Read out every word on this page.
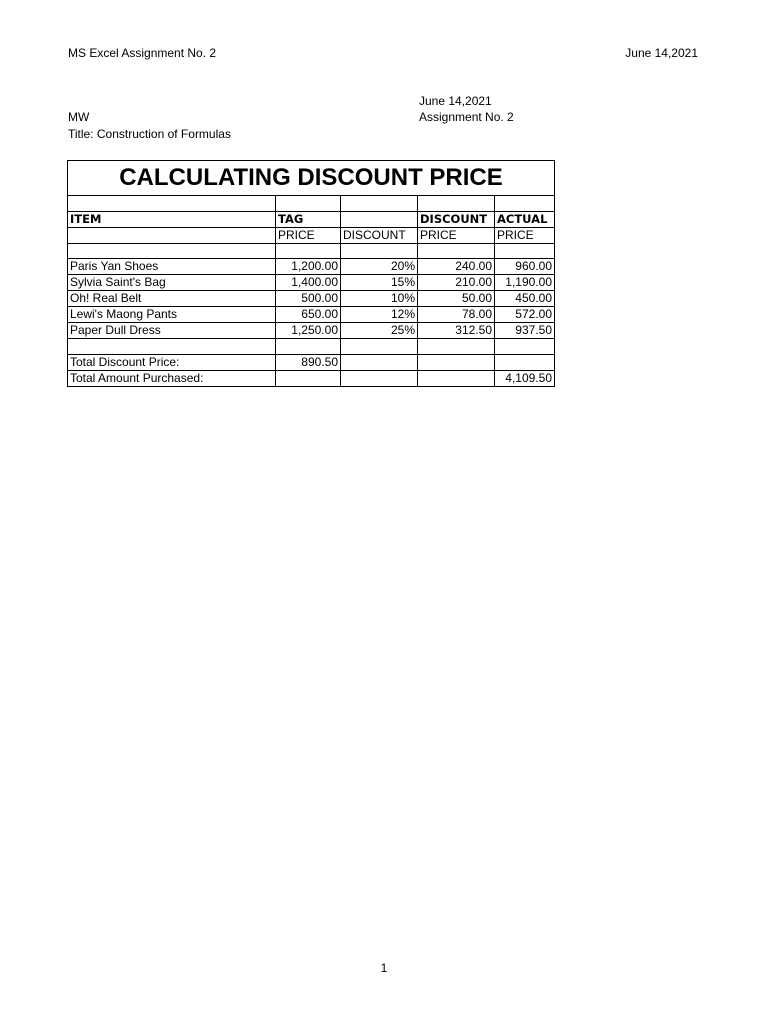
MS Excel Assignment No. 2	June 14,2021
June 14,2021
MW	Assignment No. 2
Title: Construction of Formulas
CALCULATING DISCOUNT PRICE				

ITEM	TAG		DISCOUNT	ACTUAL
	PRICE	DISCOUNT	PRICE	PRICE

Paris Yan Shoes	1,200.00	20%	240.00	960.00
Sylvia Saint's Bag	1,400.00	15%	210.00	1,190.00
Oh! Real Belt	500.00	10%	50.00	450.00
Lewi's Maong Pants	650.00	12%	78.00	572.00
Paper Dull Dress	1,250.00	25%	312.50	937.50

Total Discount Price:	890.50			
Total Amount Purchased:				4,109.50
1
